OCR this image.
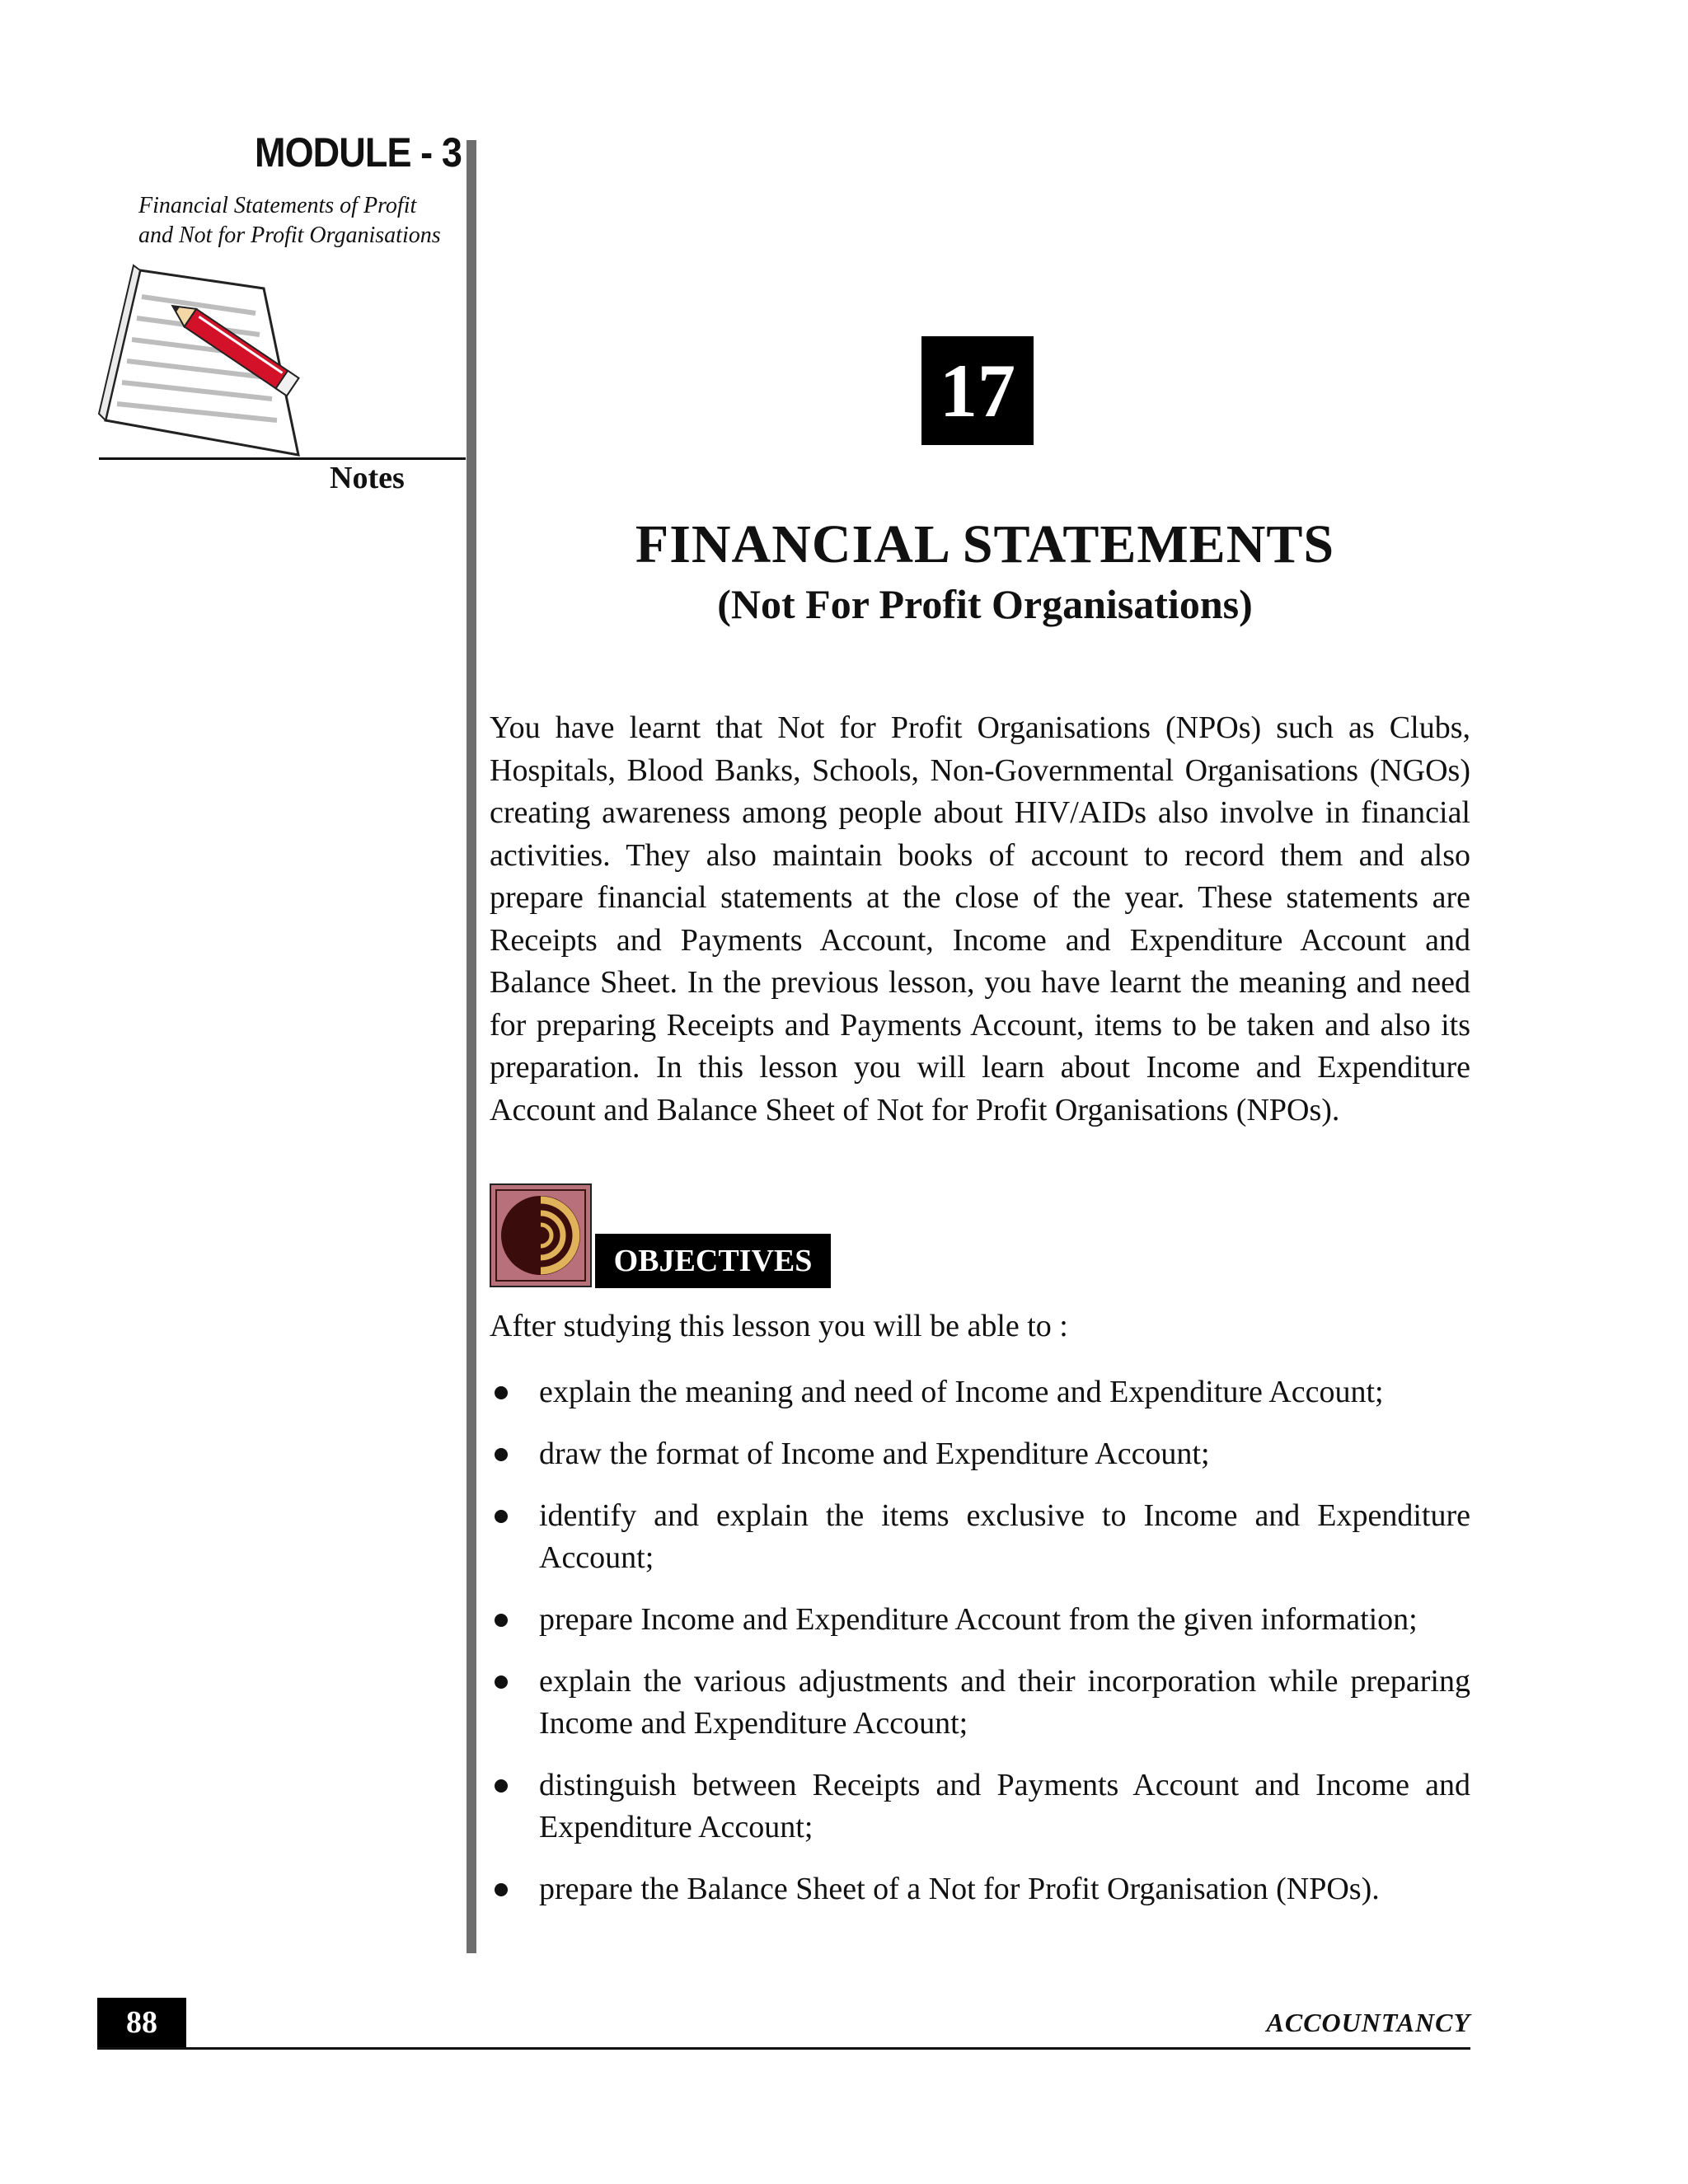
MODULE - 3
Financial Statements of Profit
and Not for Profit Organisations
Notes
17
FINANCIAL STATEMENTS
(Not For Profit Organisations)

You have learnt that Not for Profit Organisations (NPOs) such as Clubs, Hospitals, Blood Banks, Schools, Non-Governmental Organisations (NGOs) creating awareness among people about HIV/AIDs also involve in financial activities. They also maintain books of account to record them and also prepare financial statements at the close of the year. These statements are Receipts and Payments Account, Income and Expenditure Account and Balance Sheet. In the previous lesson, you have learnt the meaning and need for preparing Receipts and Payments Account, items to be taken and also its preparation. In this lesson you will learn about Income and Expenditure Account and Balance Sheet of Not for Profit Organisations (NPOs).

OBJECTIVES

After studying this lesson you will be able to :

explain the meaning and need of Income and Expenditure Account;
draw the format of Income and Expenditure Account;
identify and explain the items exclusive to Income and Expenditure Account;
prepare Income and Expenditure Account from the given information;
explain the various adjustments and their incorporation while preparing Income and Expenditure Account;
distinguish between Receipts and Payments Account and Income and Expenditure Account;
prepare the Balance Sheet of a Not for Profit Organisation (NPOs).
88	ACCOUNTANCY
